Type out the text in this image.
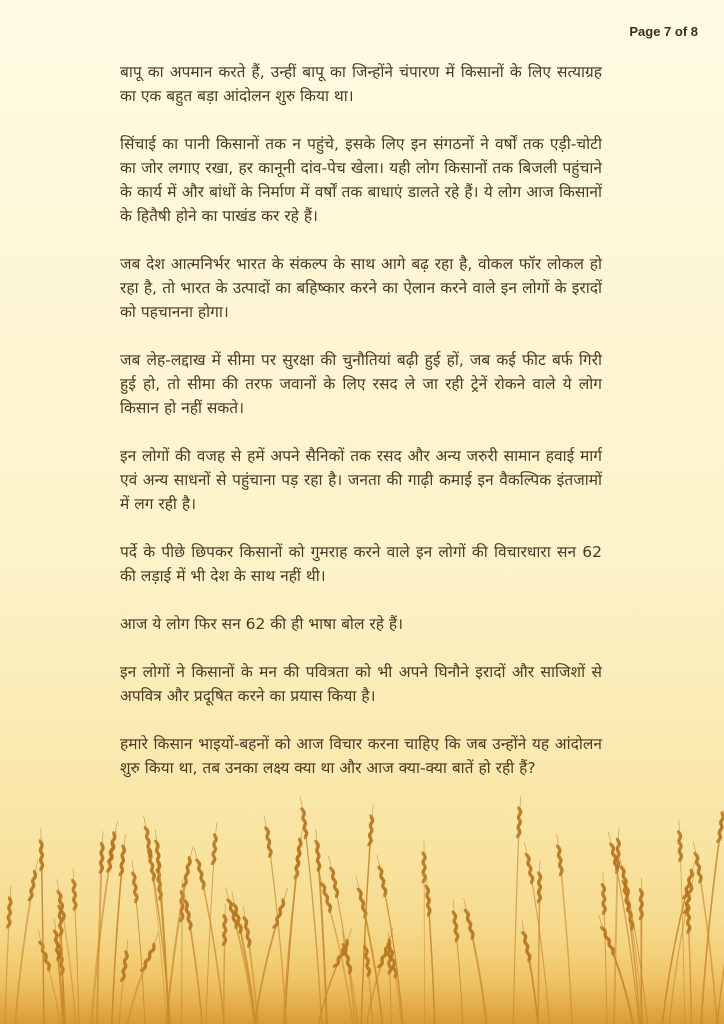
Page 7 of 8

बापू का अपमान करते हैं, उन्हीं बापू का जिन्होंने चंपारण में किसानों के लिए सत्याग्रह का एक बहुत बड़ा आंदोलन शुरु किया था।

सिंचाई का पानी किसानों तक न पहुंचे, इसके लिए इन संगठनों ने वर्षों तक एड़ी-चोटी का जोर लगाए रखा, हर कानूनी दांव-पेच खेला। यही लोग किसानों तक बिजली पहुंचाने के कार्य में और बांधों के निर्माण में वर्षों तक बाधाएं डालते रहे हैं। ये लोग आज किसानों के हितैषी होने का पाखंड कर रहे हैं।

जब देश आत्मनिर्भर भारत के संकल्प के साथ आगे बढ़ रहा है, वोकल फॉर लोकल हो रहा है, तो भारत के उत्पादों का बहिष्कार करने का ऐलान करने वाले इन लोगों के इरादों को पहचानना होगा।

जब लेह-लद्दाख में सीमा पर सुरक्षा की चुनौतियां बढ़ी हुई हों, जब कई फीट बर्फ गिरी हुई हो, तो सीमा की तरफ जवानों के लिए रसद ले जा रही ट्रेनें रोकने वाले ये लोग किसान हो नहीं सकते।

इन लोगों की वजह से हमें अपने सैनिकों तक रसद और अन्य जरुरी सामान हवाई मार्ग एवं अन्य साधनों से पहुंचाना पड़ रहा है। जनता की गाढ़ी कमाई इन वैकल्पिक इंतजामों में लग रही है।

पर्दे के पीछे छिपकर किसानों को गुमराह करने वाले इन लोगों की विचारधारा सन 62 की लड़ाई में भी देश के साथ नहीं थी।

आज ये लोग फिर सन 62 की ही भाषा बोल रहे हैं।

इन लोगों ने किसानों के मन की पवित्रता को भी अपने घिनौने इरादों और साजिशों से अपवित्र और प्रदूषित करने का प्रयास किया है।

हमारे किसान भाइयों-बहनों को आज विचार करना चाहिए कि जब उन्होंने यह आंदोलन शुरु किया था, तब उनका लक्ष्य क्या था और आज क्या-क्या बातें हो रही हैं?
